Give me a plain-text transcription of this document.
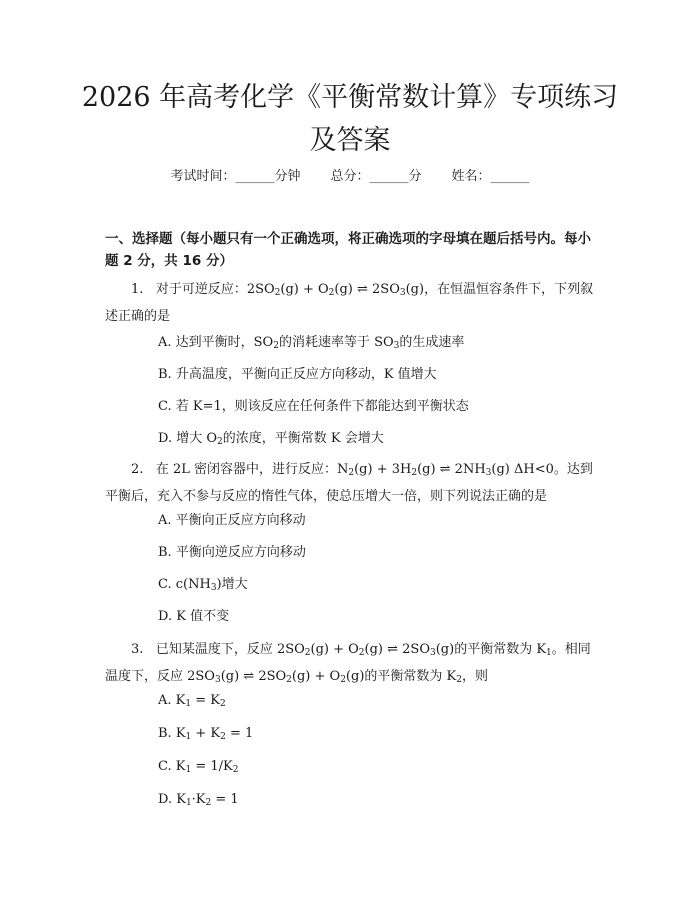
2026 年高考化学《平衡常数计算》专项练习
及答案
考试时间：______分钟 总分：______分 姓名：______
一、选择题（每小题只有一个正确选项，将正确选项的字母填在题后括号内。每小题 2 分，共 16 分）
1. 对于可逆反应：$2SO_2(g) + O_2(g)$ ⇌ $2SO_3(g)$，在恒温恒容条件下，下列叙述正确的是
A. 达到平衡时，$SO_2$的消耗速率等于 $SO_3$的生成速率
B. 升高温度，平衡向正反应方向移动，K 值增大
C. 若 K=1，则该反应在任何条件下都能达到平衡状态
D. 增大 $O_2$的浓度，平衡常数 K 会增大
2. 在 2L 密闭容器中，进行反应：$N_2(g) + 3H_2(g)$ ⇌ $2NH_3(g)$ ΔH<0。达到平衡后，充入不参与反应的惰性气体，使总压增大一倍，则下列说法正确的是
A. 平衡向正反应方向移动
B. 平衡向逆反应方向移动
C. $c(NH_3)$增大
D. K 值不变
3. 已知某温度下，反应 $2SO_2(g) + O_2(g)$ ⇌ $2SO_3(g)$的平衡常数为 $K_1$。相同温度下，反应 $2SO_3(g)$ ⇌ $2SO_2(g) + O_2(g)$的平衡常数为 $K_2$，则
A. $K_1 = K_2$
B. $K_1 + K_2 = 1$
C. $K_1 = 1/K_2$
D. $K_1\cdot K_2 = 1$
